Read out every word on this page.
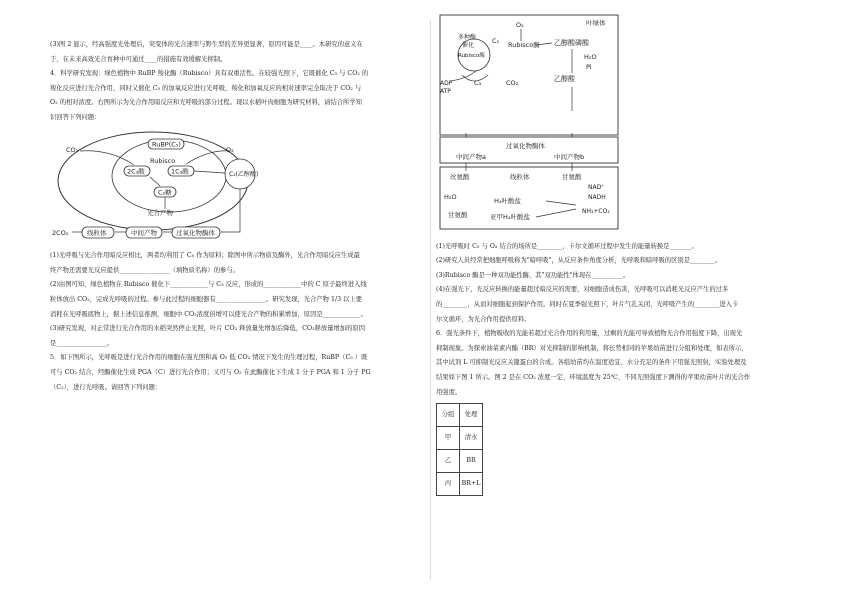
(3)图 2 显示，经高强度光处理后，突变体的光合速率与野生型的差异更显著，原因可能是____。本研究的意义在

于，在未来高效光合育种中可通过____的措施有效缓解光抑制。

4．科学研究发现：绿色植物中 RuBP 羧化酶（Rubisco）具有双重活性。在较强光照下，它既催化 C₅ 与 CO₂ 的

羧化反应进行光合作用，同时又催化 C₅ 的加氧反应进行光呼吸，羧化和加氧反应的相对速率完全取决于 CO₂ 与

O₂ 的相对浓度。右图所示为光合作用暗反应和光呼吸的部分过程。现以水稻叶肉细胞为研究材料，请结合所学知

识回答下列问题：

RuBP(C₅)
Rubisco
2C₃酸	1C₃酸
C₃糖
光合产物
CO₂	O₂
C₂(乙醇酸)
2CO₂	线粒体	中间产物	过氧化物酶体

(1)光呼吸与光合作用暗反应相比，两者均利用了 C₅ 作为原料；除图中所示物质及酶外，光合作用暗反应生成最

终产物还需要光反应提供________________（填物质名称）的参与。

(2)由图可知，绿色植物在 Rubisco 催化下____________与 C₅ 反应，形成的____________中的 C 原子最终进入线

粒体放出 CO₂，完成光呼吸的过程。参与此过程的细胞器有________________。研究发现，光合产物 1/3 以上要

消耗在光呼吸底物上，据上述信息推测，细胞中 CO₂浓度倍增可以使光合产物的积累增加，原因是____________。

(3)研究发现，对正常进行光合作用的水稻突然停止光照，叶片 CO₂ 释放量先增加后降低，CO₂释放量增加的原因

是________________。

5．如下图所示，光呼吸是进行光合作用的细胞在强光照和高 O₂ 低 CO₂ 情况下发生的生理过程，RuBP（C₅ ）既

可与 CO₂ 结合，经酶催化生成 PGA（C）进行光合作用；又可与 O₂ 在此酶催化下生成 1 分子 PGA 和 1 分子 PG

（C₂），进行光呼吸。请回答下列问题：

叶绿体
多种酶
催化
C₅
Rubisco酶
O₂
Rubisco酶 乙醇酸磷酸
H₂O
Pi
ADP
ATP
C₃	CO₂	乙醇酸
过氧化物酶体
中间产物a	中间产物b
丝氨酸	线粒体	甘氨酸
H₂O
甘氨酸
H₄叶酸盐
亚甲H₄叶酸盐
NAD⁺
NADH
NH₃+CO₂

(1)光呼吸时 C₅ 与 O₂ 结合的场所是________，卡尔文循环过程中发生的能量转换是_______。

(2)研究人员经常把细胞呼吸称为"暗呼吸"，从反应条件角度分析，光呼吸和暗呼吸的区别是________。

(3)Rubisco 酶是一种双功能性酶，其"双功能性"体现在__________。

(4)在强光下，光反应转换的能量超过暗反应的需要，对细胞造成伤害，光呼吸可以消耗光反应产生的过多

的________，从而对细胞起到保护作用。同时在夏季强光照下，叶片气孔关闭，光呼吸产生的________进入卡

尔文循环，为光合作用提供原料。

6．强光条件下，植物吸收的光能若超过光合作用的利用量，过剩的光能可导致植物光合作用强度下降，出现光

抑制现象。为探索油菜素内酯（BR）对光抑制的影响机制，将长势相同的苹果幼苗进行分组和处理，如表所示，

其中试剂 L 可抑制光反应关键蛋白的合成。各组幼苗均在温度适宜、水分充足的条件下用强光照射，实验处理及

结果如下图 1 所示。图 2 是在 CO₂ 浓度一定、环境温度为 25℃、不同光照强度下测得的苹果幼苗叶片的光合作

用强度。

分组	处理
甲	清水
乙	BR
丙	BR+L
